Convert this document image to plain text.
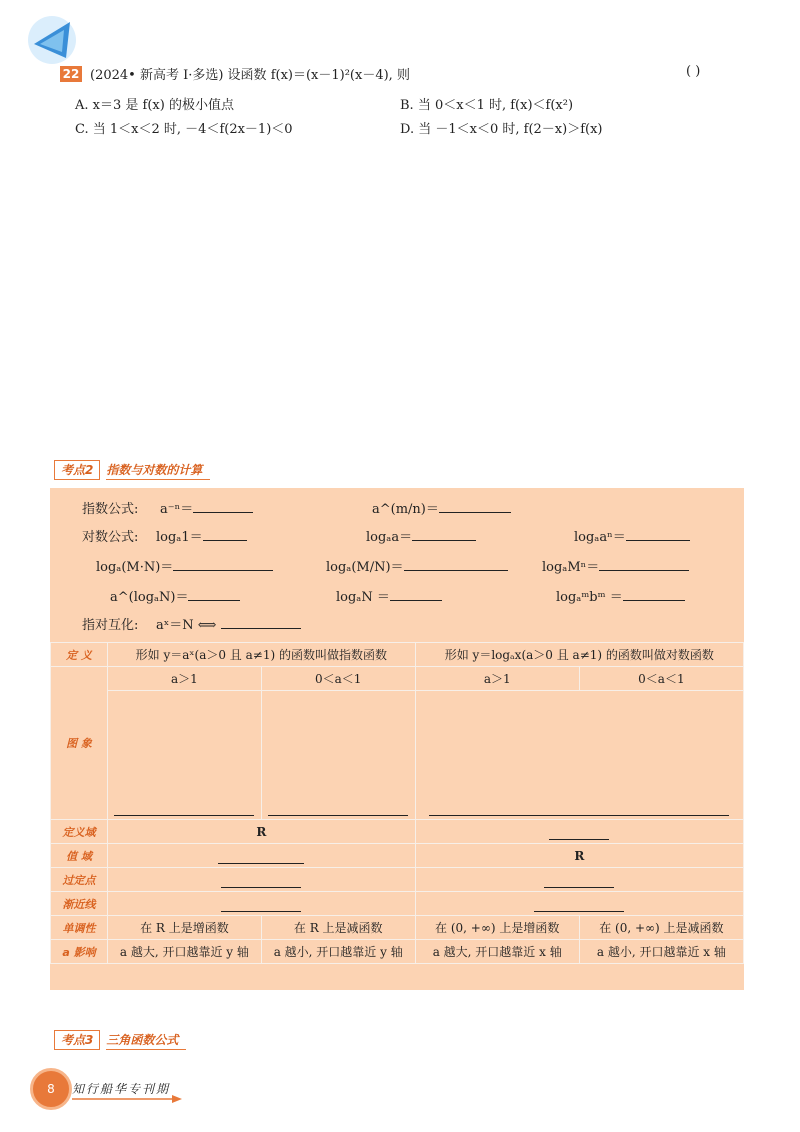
22 (2024• 新高考 Ⅰ·多选) 设函数 f(x)＝(x－1)²(x－4), 则	( )
A. x＝3 是 f(x) 的极小值点	B. 当 0＜x＜1 时, f(x)＜f(x²)
C. 当 1＜x＜2 时, －4＜f(2x－1)＜0	D. 当 －1＜x＜0 时, f(2－x)＞f(x)
考点2	指数与对数的计算
指数公式: a⁻ⁿ＝	a^(m/n)＝
对数公式: logₐ1＝	logₐa＝	logₐaⁿ＝
logₐ(M·N)＝	logₐ(M/N)＝	logₐMⁿ＝
a^(logₐN)＝	logₐN ＝	logₐᵐbᵐ ＝
指对互化: aˣ＝N ⟺
定 义	形如 y＝aˣ(a＞0 且 a≠1) 的函数叫做指数函数		形如 y＝logₐx(a＞0 且 a≠1) 的函数叫做对数函数	
图 象	a＞1	0＜a＜1	a＞1	0＜a＜1

定义域	R			
值 域			R	
过定点				
渐近线				
单调性	在 R 上是增函数	在 R 上是减函数	在 (0, +∞) 上是增函数	在 (0, +∞) 上是减函数
a 影响	a 越大, 开口越靠近 y 轴	a 越小, 开口越靠近 y 轴	a 越大, 开口越靠近 x 轴	a 越小, 开口越靠近 x 轴
考点3	三角函数公式
8	知行船华专刊期
